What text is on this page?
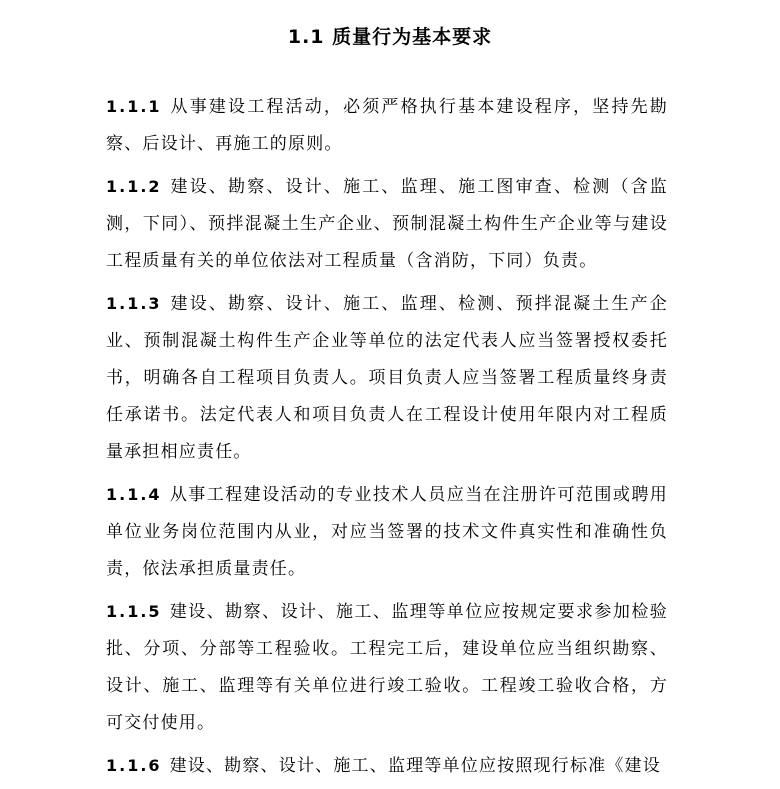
1.1 质量行为基本要求

1.1.1 从事建设工程活动，必须严格执行基本建设程序，坚持先勘察、后设计、再施工的原则。

1.1.2 建设、勘察、设计、施工、监理、施工图审查、检测（含监测，下同）、预拌混凝土生产企业、预制混凝土构件生产企业等与建设工程质量有关的单位依法对工程质量（含消防，下同）负责。

1.1.3 建设、勘察、设计、施工、监理、检测、预拌混凝土生产企业、预制混凝土构件生产企业等单位的法定代表人应当签署授权委托书，明确各自工程项目负责人。项目负责人应当签署工程质量终身责任承诺书。法定代表人和项目负责人在工程设计使用年限内对工程质量承担相应责任。

1.1.4 从事工程建设活动的专业技术人员应当在注册许可范围或聘用单位业务岗位范围内从业，对应当签署的技术文件真实性和准确性负责，依法承担质量责任。

1.1.5 建设、勘察、设计、施工、监理等单位应按规定要求参加检验批、分项、分部等工程验收。工程完工后，建设单位应当组织勘察、设计、施工、监理等有关单位进行竣工验收。工程竣工验收合格，方可交付使用。

1.1.6 建设、勘察、设计、施工、监理等单位应按照现行标准《建设
